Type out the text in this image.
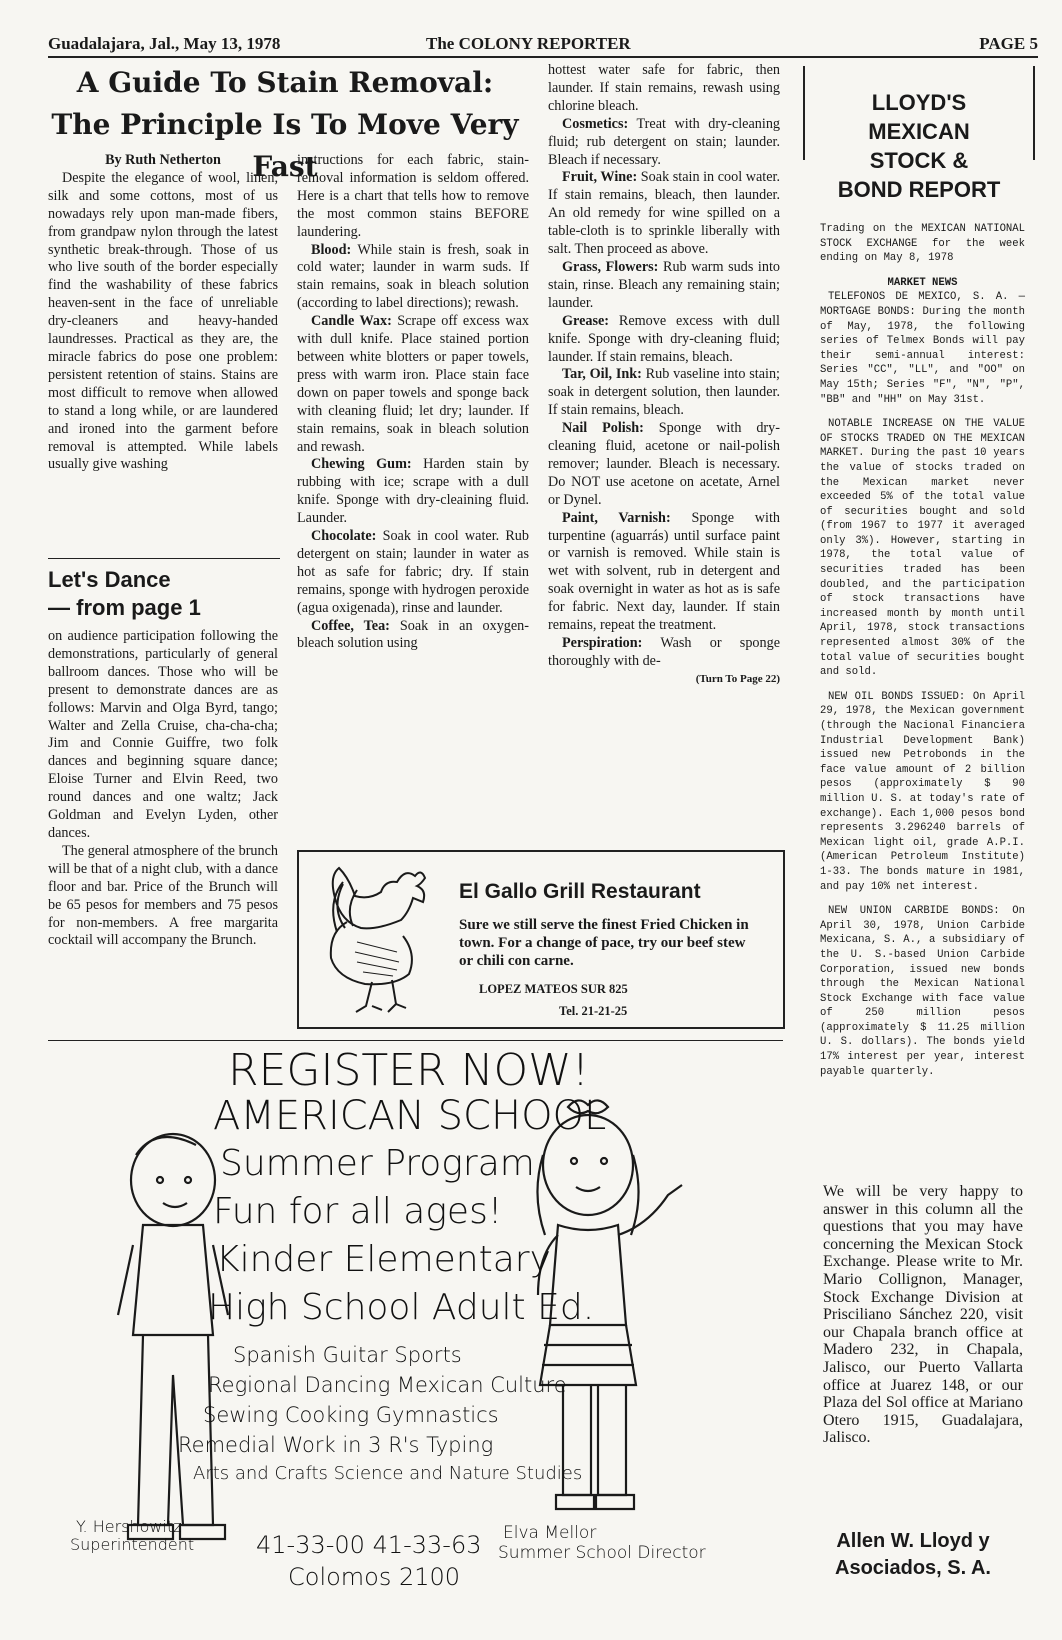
Guadalajara, Jal., May 13, 1978	The COLONY REPORTER	PAGE 5
A Guide To Stain Removal: The Principle Is To Move Very Fast

By Ruth Netherton

Despite the elegance of wool, linen, silk and some cottons, most of us nowadays rely upon man-made fibers, from grandpaw nylon through the latest synthetic break-through. Those of us who live south of the border especially find the washability of these fabrics heaven-sent in the face of unreliable dry-cleaners and heavy-handed laundresses. Practical as they are, the miracle fabrics do pose one problem: persistent retention of stains. Stains are most difficult to remove when allowed to stand a long while, or are laundered and ironed into the garment before removal is attempted. While labels usually give washing

Let's Dance
— from page 1

on audience participation following the demonstrations, particularly of general ballroom dances. Those who will be present to demonstrate dances are as follows: Marvin and Olga Byrd, tango; Walter and Zella Cruise, cha-cha-cha; Jim and Connie Guiffre, two folk dances and beginning square dance; Eloise Turner and Elvin Reed, two round dances and one waltz; Jack Goldman and Evelyn Lyden, other dances.

The general atmosphere of the brunch will be that of a night club, with a dance floor and bar. Price of the Brunch will be 65 pesos for members and 75 pesos for non-members. A free margarita cocktail will accompany the Brunch.

instructions for each fabric, stain-removal information is seldom offered. Here is a chart that tells how to remove the most common stains BEFORE laundering.

Blood: While stain is fresh, soak in cold water; launder in warm suds. If stain remains, soak in bleach solution (according to label directions); rewash.

Candle Wax: Scrape off excess wax with dull knife. Place stained portion between white blotters or paper towels, press with warm iron. Place stain face down on paper towels and sponge back with cleaning fluid; let dry; launder. If stain remains, soak in bleach solution and rewash.

Chewing Gum: Harden stain by rubbing with ice; scrape with a dull knife. Sponge with dry-cleaining fluid. Launder.

Chocolate: Soak in cool water. Rub detergent on stain; launder in water as hot as safe for fabric; dry. If stain remains, sponge with hydrogen peroxide (agua oxigenada), rinse and launder.

Coffee, Tea: Soak in an oxygen-bleach solution using

hottest water safe for fabric, then launder. If stain remains, rewash using chlorine bleach.

Cosmetics: Treat with dry-cleaning fluid; rub detergent on stain; launder. Bleach if necessary.

Fruit, Wine: Soak stain in cool water. If stain remains, bleach, then launder. An old remedy for wine spilled on a table-cloth is to sprinkle liberally with salt. Then proceed as above.

Grass, Flowers: Rub warm suds into stain, rinse. Bleach any remaining stain; launder.

Grease: Remove excess with dull knife. Sponge with dry-cleaning fluid; launder. If stain remains, bleach.

Tar, Oil, Ink: Rub vaseline into stain; soak in detergent solution, then launder. If stain remains, bleach.

Nail Polish: Sponge with dry-cleaning fluid, acetone or nail-polish remover; launder. Bleach is necessary. Do NOT use acetone on acetate, Arnel or Dynel.

Paint, Varnish: Sponge with turpentine (aguarrás) until surface paint or varnish is removed. While stain is wet with solvent, rub in detergent and soak overnight in water as hot as is safe for fabric. Next day, launder. If stain remains, repeat the treatment.

Perspiration: Wash or sponge thoroughly with de-

(Turn To Page 22)

El Gallo Grill Restaurant
Sure we still serve the finest Fried Chicken in town. For a change of pace, try our beef stew or chili con carne.
LOPEZ MATEOS SUR 825
Tel. 21-21-25
REGISTER NOW!
AMERICAN SCHOOL
Summer Program
Fun for all ages!
Kinder Elementary
High School Adult Ed.
Spanish Guitar Sports
Regional Dancing Mexican Culture
Sewing Cooking Gymnastics
Remedial Work in 3 R's Typing
Arts and Crafts Science and Nature Studies
Y. Hershowitz
Superintendent	41-33-00 41-33-63
Colomos 2100
Elva Mellor
Summer School Director
LLOYD'S MEXICAN STOCK & BOND REPORT

Trading on the MEXICAN NATIONAL STOCK EXCHANGE for the week ending on May 8, 1978

MARKET NEWS

TELEFONOS DE MEXICO, S. A. — MORTGAGE BONDS: During the month of May, 1978, the following series of Telmex Bonds will pay their semi-annual interest: Series "CC", "LL", and "OO" on May 15th; Series "F", "N", "P", "BB" and "HH" on May 31st.

NOTABLE INCREASE ON THE VALUE OF STOCKS TRADED ON THE MEXICAN MARKET. During the past 10 years the value of stocks traded on the Mexican market never exceeded 5% of the total value of securities bought and sold (from 1967 to 1977 it averaged only 3%). However, starting in 1978, the total value of securities traded has been doubled, and the participation of stock transactions have increased month by month until April, 1978, stock transactions represented almost 30% of the total value of securities bought and sold.

NEW OIL BONDS ISSUED: On April 29, 1978, the Mexican government (through the Nacional Financiera Industrial Development Bank) issued new Petrobonds in the face value amount of 2 billion pesos (approximately $ 90 million U. S. at today's rate of exchange). Each 1,000 pesos bond represents 3.296240 barrels of Mexican light oil, grade A.P.I. (American Petroleum Institute) 1-33. The bonds mature in 1981, and pay 10% net interest.

NEW UNION CARBIDE BONDS: On April 30, 1978, Union Carbide Mexicana, S. A., a subsidiary of the U. S.-based Union Carbide Corporation, issued new bonds through the Mexican National Stock Exchange with face value of 250 million pesos (approximately $ 11.25 million U. S. dollars). The bonds yield 17% interest per year, interest payable quarterly.

We will be very happy to answer in this column all the questions that you may have concerning the Mexican Stock Exchange. Please write to Mr. Mario Collignon, Manager, Stock Exchange Division at Prisciliano Sánchez 220, visit our Chapala branch office at Madero 232, in Chapala, Jalisco, our Puerto Vallarta office at Juarez 148, or our Plaza del Sol office at Mariano Otero 1915, Guadalajara, Jalisco.
Allen W. Lloyd y
Asociados, S. A.
